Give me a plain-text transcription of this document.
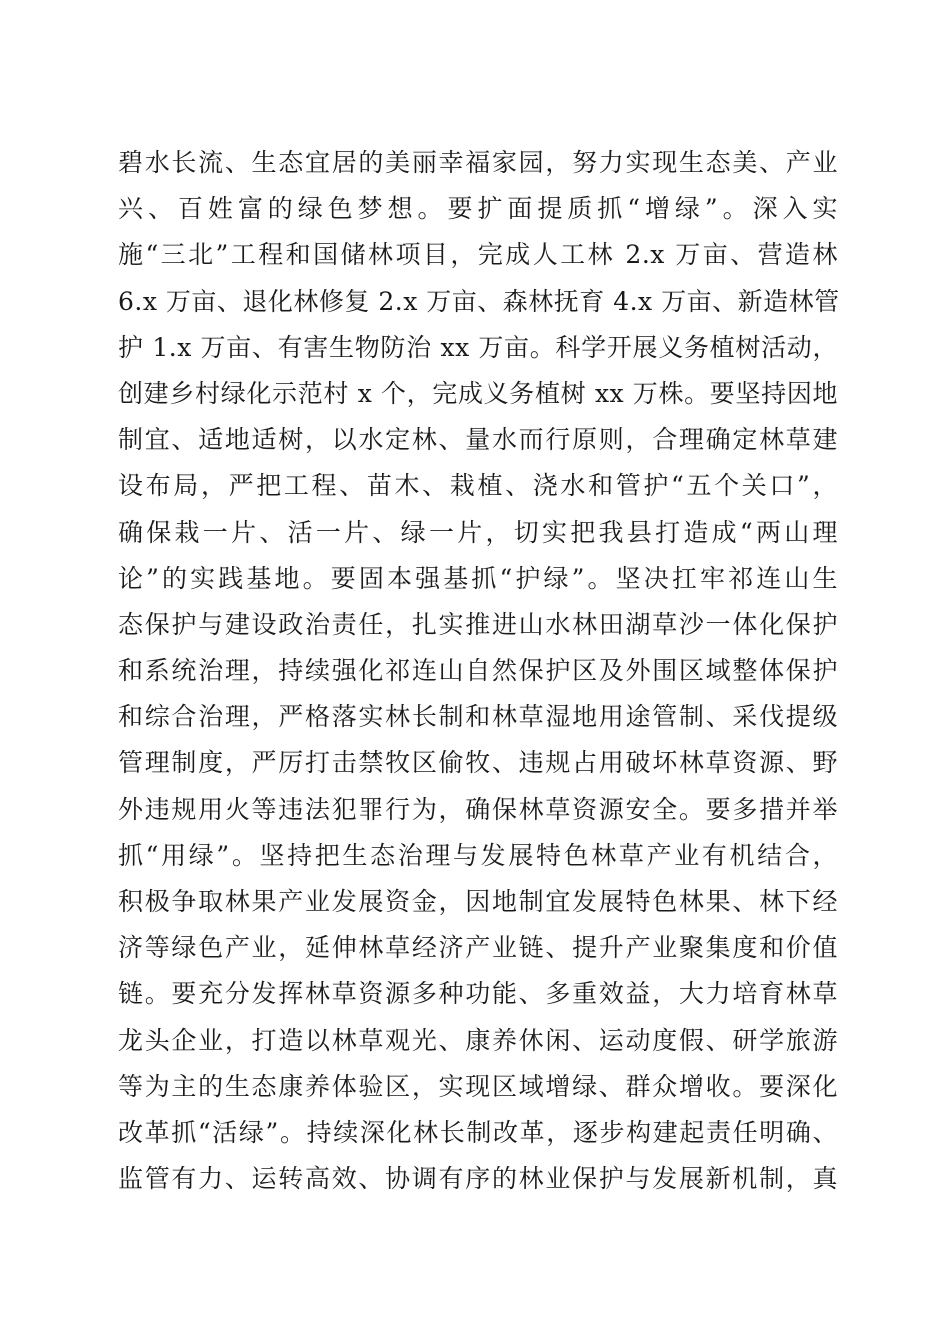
碧水长流、生态宜居的美丽幸福家园，努力实现生态美、产业
兴、百姓富的绿色梦想。要扩面提质抓“增绿”。深入实
施“三北”工程和国储林项目，完成人工林 2.x 万亩、营造林
6.x 万亩、退化林修复 2.x 万亩、森林抚育 4.x 万亩、新造林管
护 1.x 万亩、有害生物防治 xx 万亩。科学开展义务植树活动，
创建乡村绿化示范村 x 个，完成义务植树 xx 万株。要坚持因地
制宜、适地适树，以水定林、量水而行原则，合理确定林草建
设布局，严把工程、苗木、栽植、浇水和管护“五个关口”，
确保栽一片、活一片、绿一片，切实把我县打造成“两山理
论”的实践基地。要固本强基抓“护绿”。坚决扛牢祁连山生
态保护与建设政治责任，扎实推进山水林田湖草沙一体化保护
和系统治理，持续强化祁连山自然保护区及外围区域整体保护
和综合治理，严格落实林长制和林草湿地用途管制、采伐提级
管理制度，严厉打击禁牧区偷牧、违规占用破坏林草资源、野
外违规用火等违法犯罪行为，确保林草资源安全。要多措并举
抓“用绿”。坚持把生态治理与发展特色林草产业有机结合，
积极争取林果产业发展资金，因地制宜发展特色林果、林下经
济等绿色产业，延伸林草经济产业链、提升产业聚集度和价值
链。要充分发挥林草资源多种功能、多重效益，大力培育林草
龙头企业，打造以林草观光、康养休闲、运动度假、研学旅游
等为主的生态康养体验区，实现区域增绿、群众增收。要深化
改革抓“活绿”。持续深化林长制改革，逐步构建起责任明确、
监管有力、运转高效、协调有序的林业保护与发展新机制，真
